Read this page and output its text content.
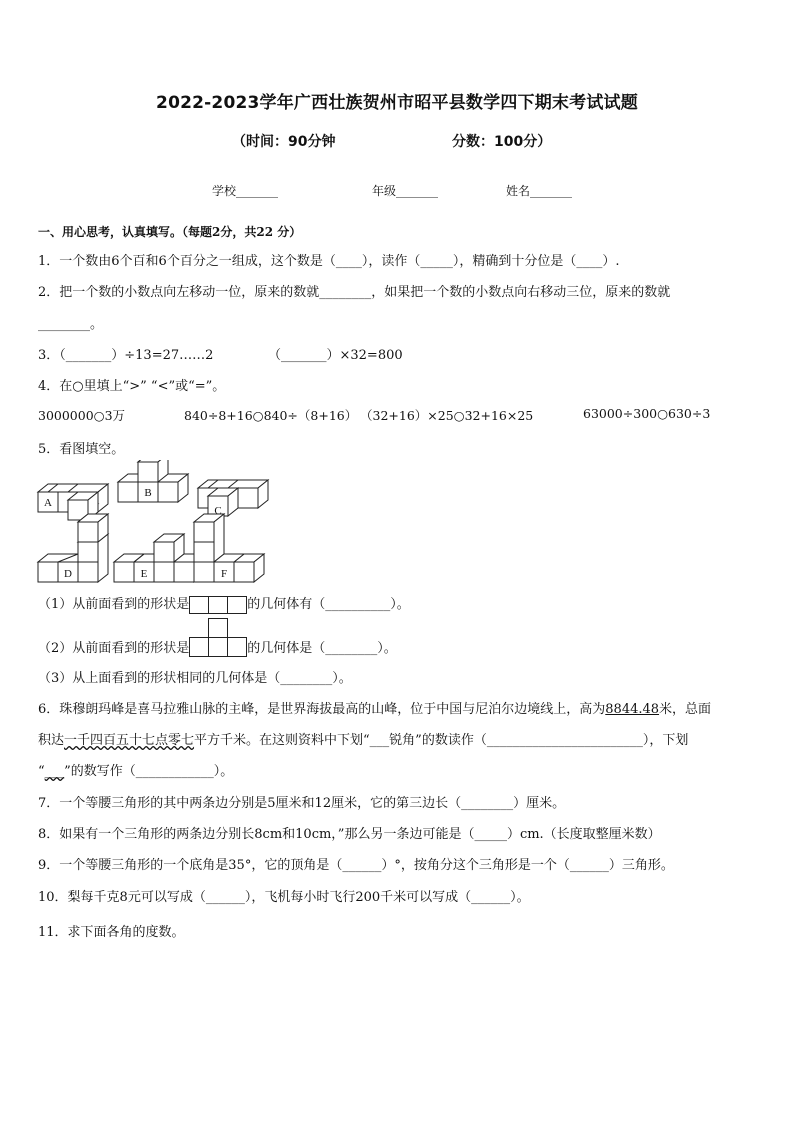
2022-2023学年广西壮族贺州市昭平县数学四下期末考试试题
（时间：90分钟	分数：100分）
学校_______	年级_______	姓名_______
一、用心思考，认真填写。（每题2分，共22 分）
1．一个数由6个百和6个百分之一组成，这个数是（____），读作（_____），精确到十分位是（____）.
2．把一个数的小数点向左移动一位，原来的数就________，如果把一个数的小数点向右移动三位，原来的数就
________。
3．（_______）÷13=27……2	（_______）×32=800
4．在○里填上“>” “<”或“=”。
3000000○3万	840÷8+16○840÷（8+16） （32+16）×25○32+16×25	63000÷300○630÷3
5．看图填空。
A
B
C
D	E	F
（1）从前面看到的形状是	的几何体有（__________）。
（2）从前面看到的形状是	的几何体是（________）。
（3）从上面看到的形状相同的几何体是（________）。
6．珠穆朗玛峰是喜马拉雅山脉的主峰，是世界海拔最高的山峰，位于中国与尼泊尔边境线上，高为8844.48米，总面
积达一千四百五十七点零七平方千米。在这则资料中下划“___锐角”的数读作（________________________），下划
“___”的数写作（____________）。
7．一个等腰三角形的其中两条边分别是5厘米和12厘米，它的第三边长（________）厘米。
8．如果有一个三角形的两条边分别长8cm和10cm，”那么另一条边可能是（_____）cm.（长度取整厘米数）
9．一个等腰三角形的一个底角是35°，它的顶角是（______）°，按角分这个三角形是一个（______）三角形。
10．梨每千克8元可以写成（______），飞机每小时飞行200千米可以写成（______）。
11．求下面各角的度数。
